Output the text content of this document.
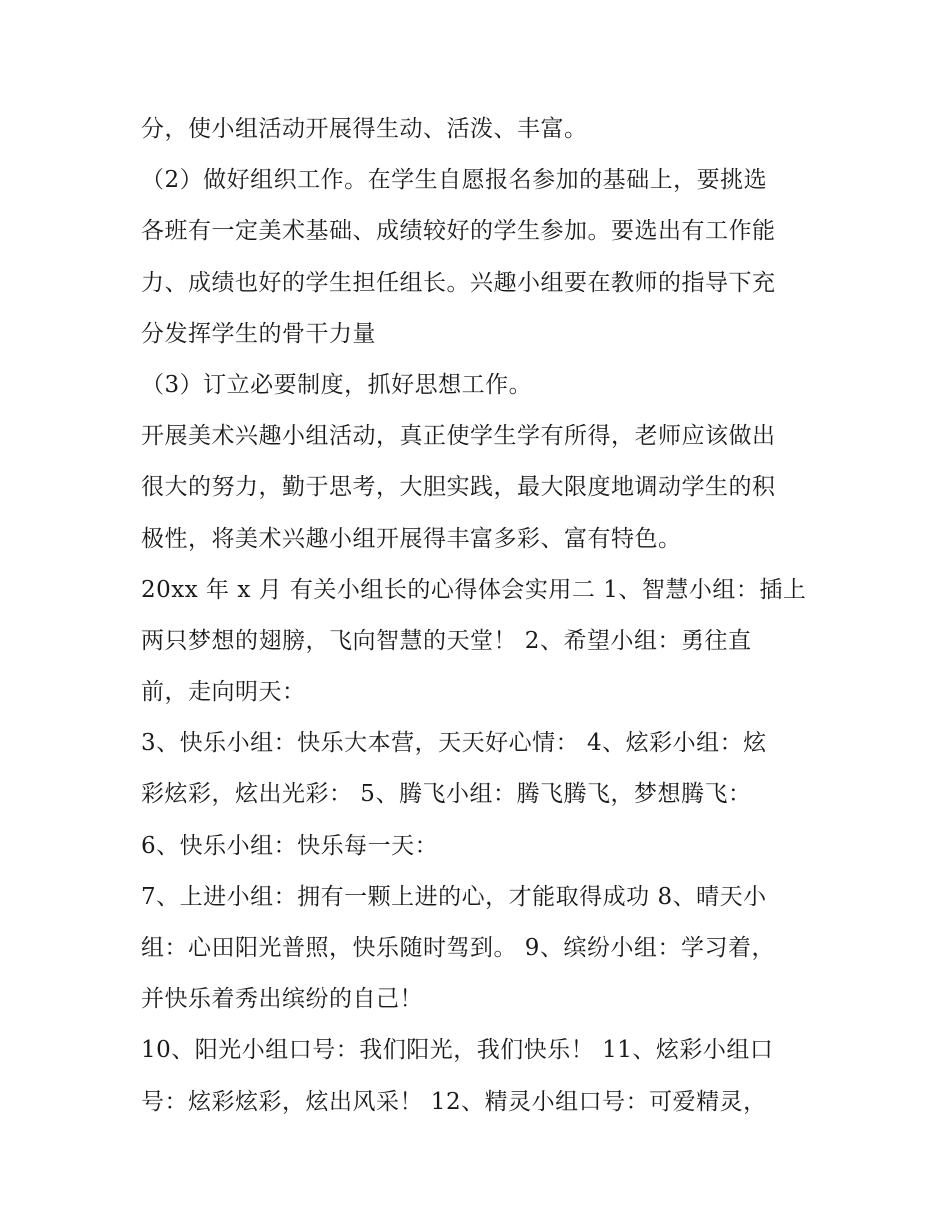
分，使小组活动开展得生动、活泼、丰富。
（2）做好组织工作。在学生自愿报名参加的基础上，要挑选
各班有一定美术基础、成绩较好的学生参加。要选出有工作能
力、成绩也好的学生担任组长。兴趣小组要在教师的指导下充
分发挥学生的骨干力量
（3）订立必要制度，抓好思想工作。
开展美术兴趣小组活动，真正使学生学有所得，老师应该做出
很大的努力，勤于思考，大胆实践，最大限度地调动学生的积
极性，将美术兴趣小组开展得丰富多彩、富有特色。
20xx 年 x 月 有关小组长的心得体会实用二 1、智慧小组：插上
两只梦想的翅膀，飞向智慧的天堂！ 2、希望小组：勇往直
前，走向明天：
3、快乐小组：快乐大本营，天天好心情： 4、炫彩小组：炫
彩炫彩，炫出光彩： 5、腾飞小组：腾飞腾飞，梦想腾飞：
6、快乐小组：快乐每一天：
7、上进小组：拥有一颗上进的心，才能取得成功 8、晴天小
组：心田阳光普照，快乐随时驾到。 9、缤纷小组：学习着，
并快乐着秀出缤纷的自己！
10、阳光小组口号：我们阳光，我们快乐！ 11、炫彩小组口
号：炫彩炫彩，炫出风采！ 12、精灵小组口号：可爱精灵，
